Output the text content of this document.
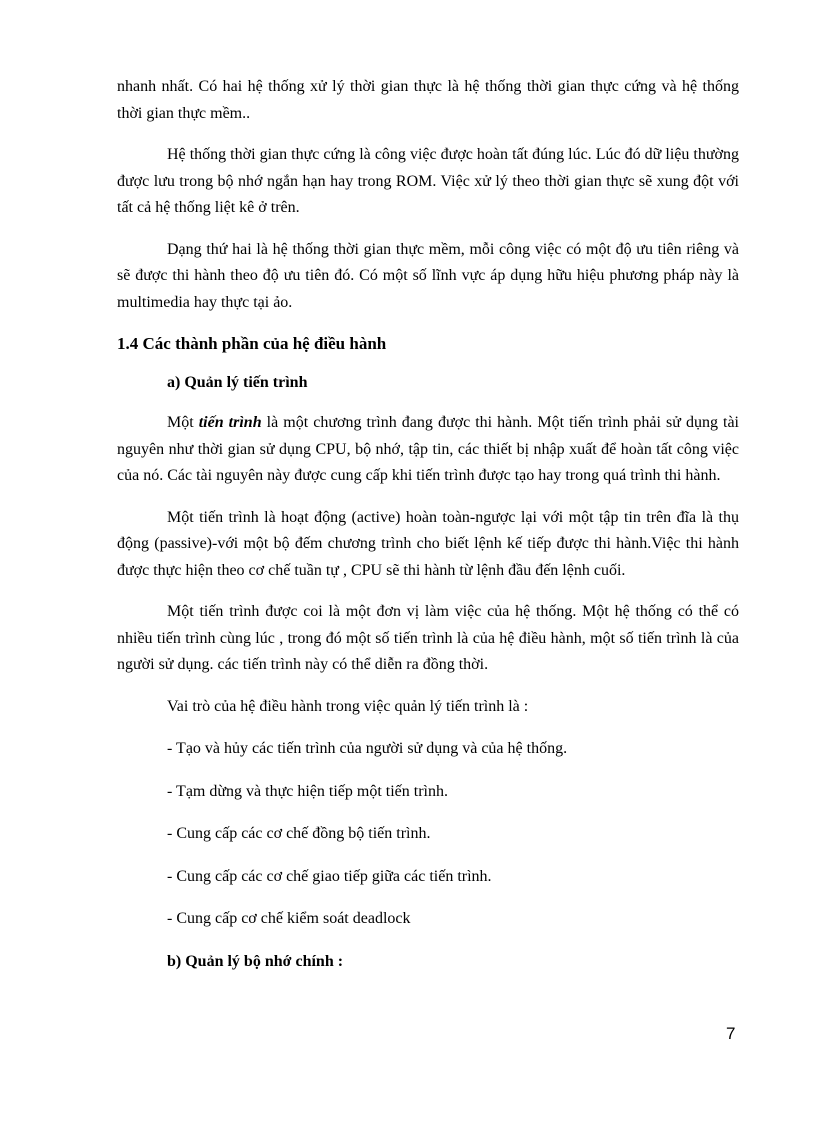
nhanh nhất. Có hai hệ thống xử lý thời gian thực là hệ thống thời gian thực cứng và hệ thống thời gian thực mềm..

Hệ thống thời gian thực cứng là công việc được hoàn tất đúng lúc. Lúc đó dữ liệu thường được lưu trong bộ nhớ ngắn hạn hay trong ROM. Việc xử lý theo thời gian thực sẽ xung đột với tất cả hệ thống liệt kê ở trên.

Dạng thứ hai là hệ thống thời gian thực mềm, mỗi công việc có một độ ưu tiên riêng và sẽ được thi hành theo độ ưu tiên đó. Có một số lĩnh vực áp dụng hữu hiệu phương pháp này là multimedia hay thực tại ảo.

1.4 Các thành phần của hệ điều hành
a) Quản lý tiến trình

Một tiến trình là một chương trình đang được thi hành. Một tiến trình phải sử dụng tài nguyên như thời gian sử dụng CPU, bộ nhớ, tập tin, các thiết bị nhập xuất để hoàn tất công việc của nó. Các tài nguyên này được cung cấp khi tiến trình được tạo hay trong quá trình thi hành.

Một tiến trình là hoạt động (active) hoàn toàn-ngược lại với một tập tin trên đĩa là thụ động (passive)-với một bộ đếm chương trình cho biết lệnh kế tiếp được thi hành.Việc thi hành được thực hiện theo cơ chế tuần tự , CPU sẽ thi hành từ lệnh đầu đến lệnh cuối.

Một tiến trình được coi là một đơn vị làm việc của hệ thống. Một hệ thống có thể có nhiều tiến trình cùng lúc , trong đó một số tiến trình là của hệ điều hành, một số tiến trình là của người sử dụng. các tiến trình này có thể diễn ra đồng thời.

Vai trò của hệ điều hành trong việc quản lý tiến trình là :

- Tạo và hủy các tiến trình của người sử dụng và của hệ thống.

- Tạm dừng và thực hiện tiếp một tiến trình.

- Cung cấp các cơ chế đồng bộ tiến trình.

- Cung cấp các cơ chế giao tiếp giữa các tiến trình.

- Cung cấp cơ chế kiểm soát deadlock

b) Quản lý bộ nhớ chính :
7
